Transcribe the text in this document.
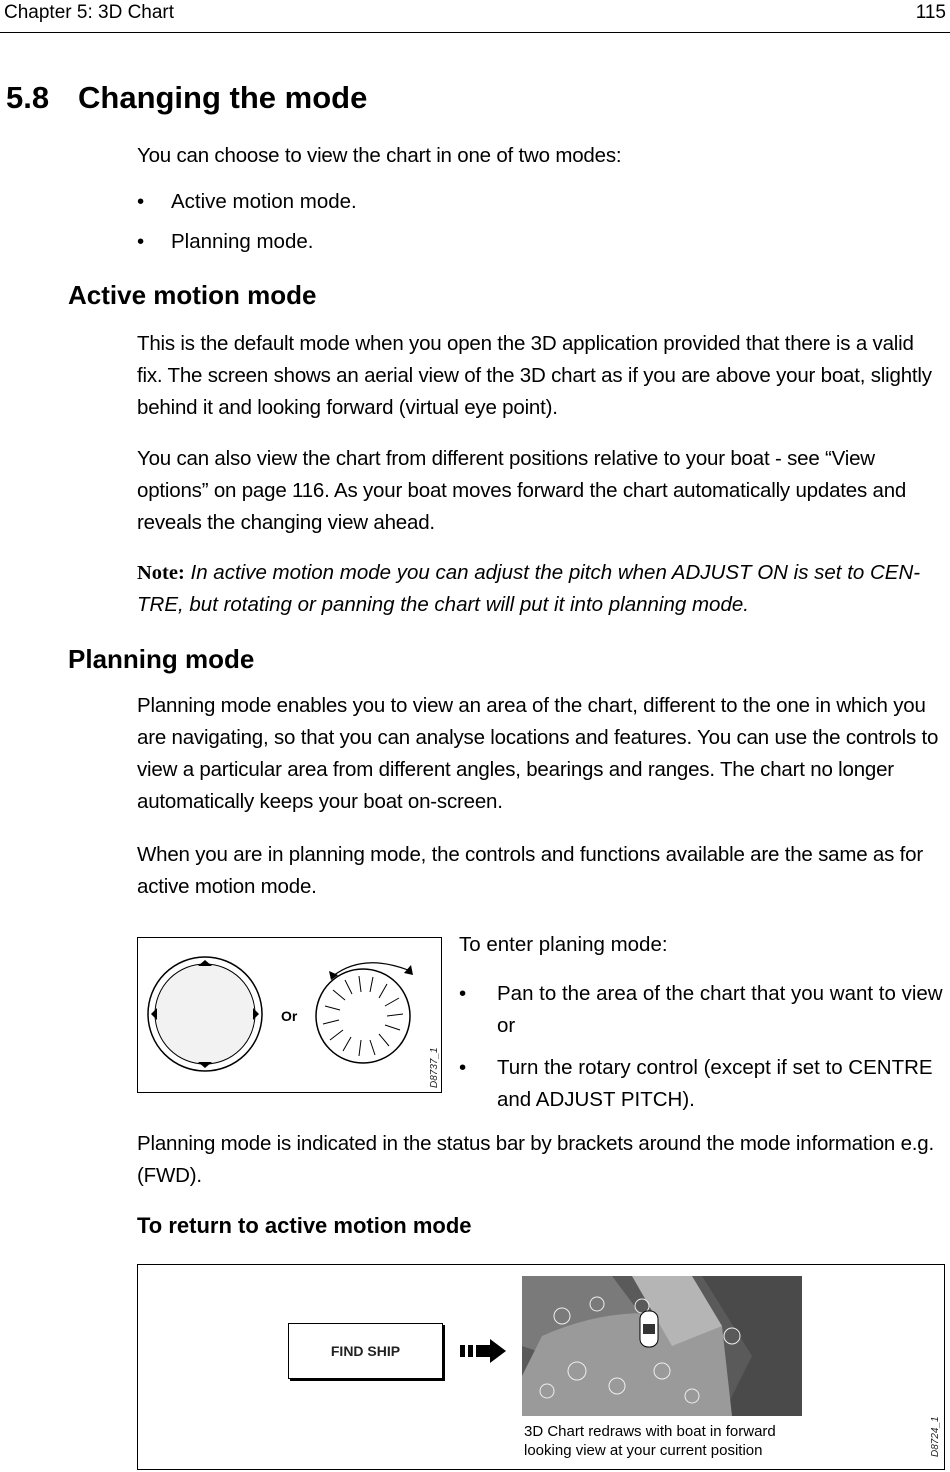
Chapter 5: 3D Chart	115
5.8 Changing the mode

You can choose to view the chart in one of two modes:

• Active motion mode.
• Planning mode.
Active motion mode

This is the default mode when you open the 3D application provided that there is a valid fix. The screen shows an aerial view of the 3D chart as if you are above your boat, slightly behind it and looking forward (virtual eye point).

You can also view the chart from different positions relative to your boat - see “View options” on page 116. As your boat moves forward the chart automatically updates and reveals the changing view ahead.

Note: In active motion mode you can adjust the pitch when ADJUST ON is set to CEN-TRE, but rotating or panning the chart will put it into planning mode.
Planning mode

Planning mode enables you to view an area of the chart, different to the one in which you are navigating, so that you can analyse locations and features. You can use the controls to view a particular area from different angles, bearings and ranges. The chart no longer automatically keeps your boat on-screen.

When you are in planning mode, the controls and functions available are the same as for active motion mode.

Or
D8737_1
To enter planing mode:
• Pan to the area of the chart that you want to view or
• Turn the rotary control (except if set to CENTRE and ADJUST PITCH).

Planning mode is indicated in the status bar by brackets around the mode information e.g. (FWD).

To return to active motion mode
FIND SHIP
3D Chart redraws with boat in forward
looking view at your current position	D8724_1
